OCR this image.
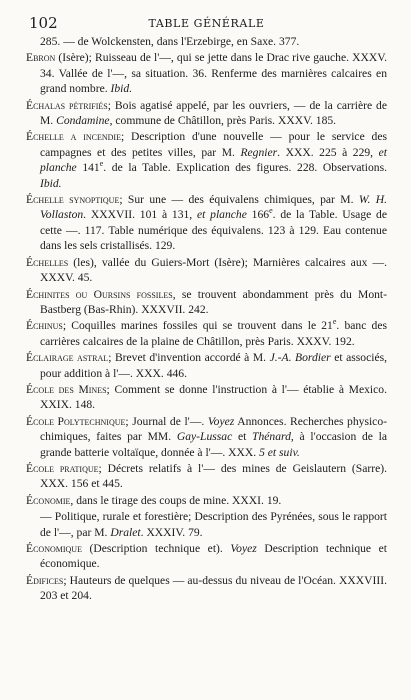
102	TABLE GÉNÉRALE

285. — de Wolckensten, dans l'Erzebirge, en Saxe. 377.

Ebron (Isère); Ruisseau de l'—, qui se jette dans le Drac rive gauche. XXXV. 34. Vallée de l'—, sa situation. 36. Renferme des marnières calcaires en grand nombre. Ibid.

Échalas pétrifiés; Bois agatisé appelé, par les ouvriers, — de la carrière de M. Condamine, commune de Châtillon, près Paris. XXXV. 185.

Échelle a incendie; Description d'une nouvelle — pour le service des campagnes et des petites villes, par M. Regnier. XXX. 225 à 229, et planche 141e. de la Table. Explication des figures. 228. Observations. Ibid.

Échelle synoptique; Sur une — des équivalens chimiques, par M. W. H. Vollaston. XXXVII. 101 à 131, et planche 166e. de la Table. Usage de cette —. 117. Table numérique des équivalens. 123 à 129. Eau contenue dans les sels cristallisés. 129.

Échelles (les), vallée du Guiers-Mort (Isère); Marnières calcaires aux —. XXXV. 45.

Échinites ou Oursins fossiles, se trouvent abondamment près du Mont-Bastberg (Bas-Rhin). XXXVII. 242.

Échinus; Coquilles marines fossiles qui se trouvent dans le 21e. banc des carrières calcaires de la plaine de Châtillon, près Paris. XXXV. 192.

Éclairage astral; Brevet d'invention accordé à M. J.-A. Bordier et associés, pour addition à l'—. XXX. 446.

École des Mines; Comment se donne l'instruction à l'— établie à Mexico. XXIX. 148.

École Polytechnique; Journal de l'—. Voyez Annonces. Recherches physico-chimiques, faites par MM. Gay-Lussac et Thénard, à l'occasion de la grande batterie voltaïque, donnée à l'—. XXX. 5 et suiv.

École pratique; Décrets relatifs à l'— des mines de Geislautern (Sarre). XXX. 156 et 445.

Économie, dans le tirage des coups de mine. XXXI. 19.

— Politique, rurale et forestière; Description des Pyrénées, sous le rapport de l'—, par M. Dralet. XXXIV. 79.

Économique (Description technique et). Voyez Description technique et économique.

Édifices; Hauteurs de quelques — au-dessus du niveau de l'Océan. XXXVIII. 203 et 204.
